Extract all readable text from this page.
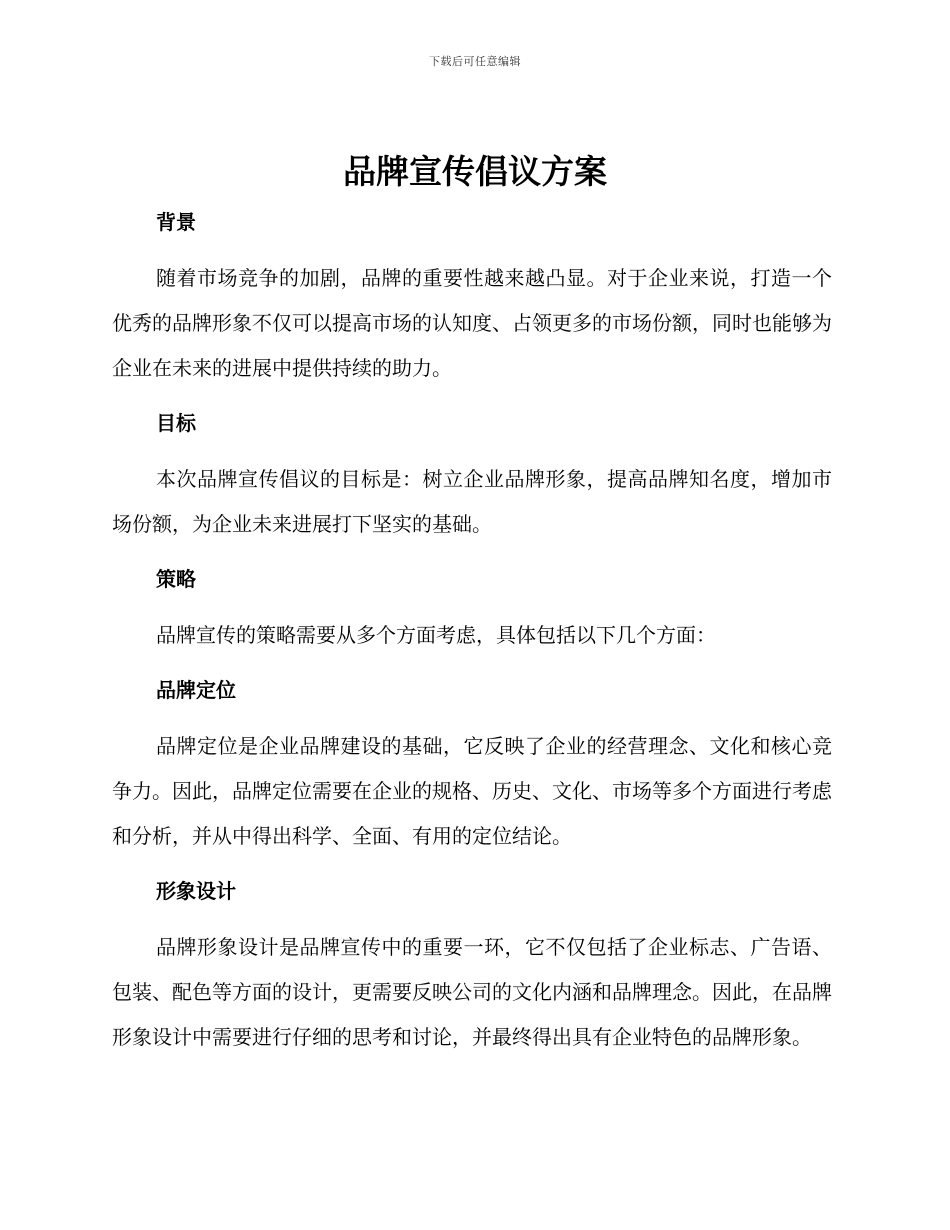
下载后可任意编辑
品牌宣传倡议方案
背景

随着市场竞争的加剧，品牌的重要性越来越凸显。对于企业来说，打造一个优秀的品牌形象不仅可以提高市场的认知度、占领更多的市场份额，同时也能够为企业在未来的进展中提供持续的助力。

目标

本次品牌宣传倡议的目标是：树立企业品牌形象，提高品牌知名度，增加市场份额，为企业未来进展打下坚实的基础。

策略

品牌宣传的策略需要从多个方面考虑，具体包括以下几个方面：

品牌定位

品牌定位是企业品牌建设的基础，它反映了企业的经营理念、文化和核心竞争力。因此，品牌定位需要在企业的规格、历史、文化、市场等多个方面进行考虑和分析，并从中得出科学、全面、有用的定位结论。

形象设计

品牌形象设计是品牌宣传中的重要一环，它不仅包括了企业标志、广告语、包装、配色等方面的设计，更需要反映公司的文化内涵和品牌理念。因此，在品牌形象设计中需要进行仔细的思考和讨论，并最终得出具有企业特色的品牌形象。
